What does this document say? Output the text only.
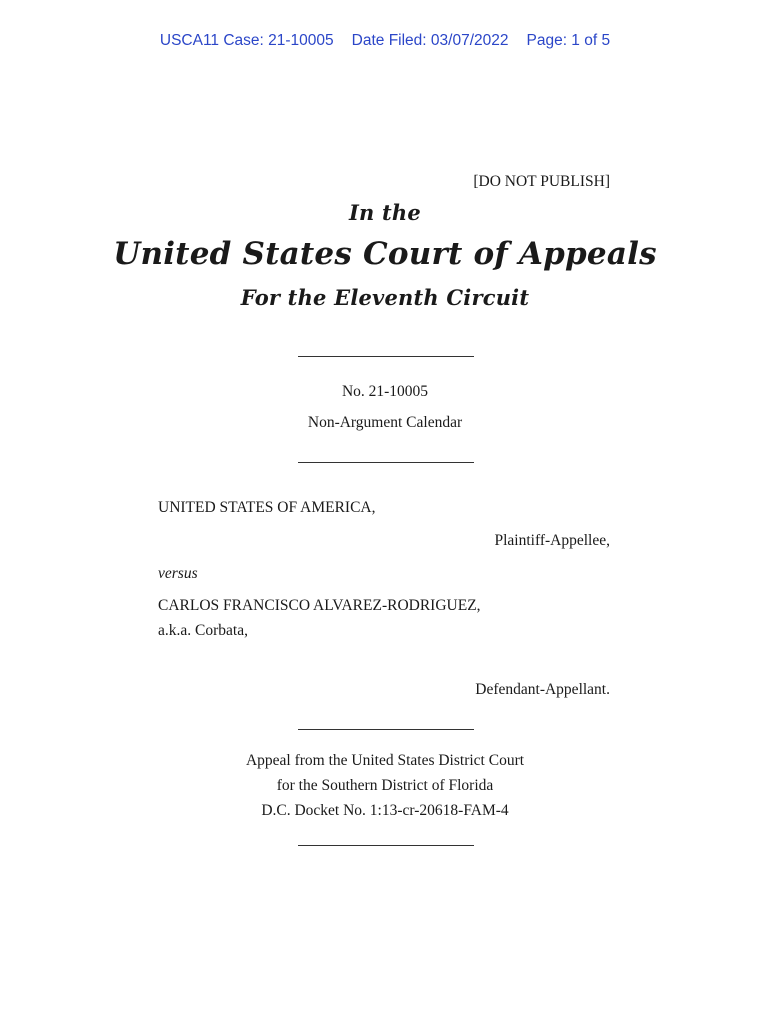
USCA11 Case: 21-10005 Date Filed: 03/07/2022 Page: 1 of 5
[DO NOT PUBLISH]
In the
United States Court of Appeals
For the Eleventh Circuit
No. 21-10005
Non-Argument Calendar
UNITED STATES OF AMERICA,
Plaintiff-Appellee,
versus
CARLOS FRANCISCO ALVAREZ-RODRIGUEZ,
a.k.a. Corbata,
Defendant-Appellant.
Appeal from the United States District Court
for the Southern District of Florida
D.C. Docket No. 1:13-cr-20618-FAM-4
